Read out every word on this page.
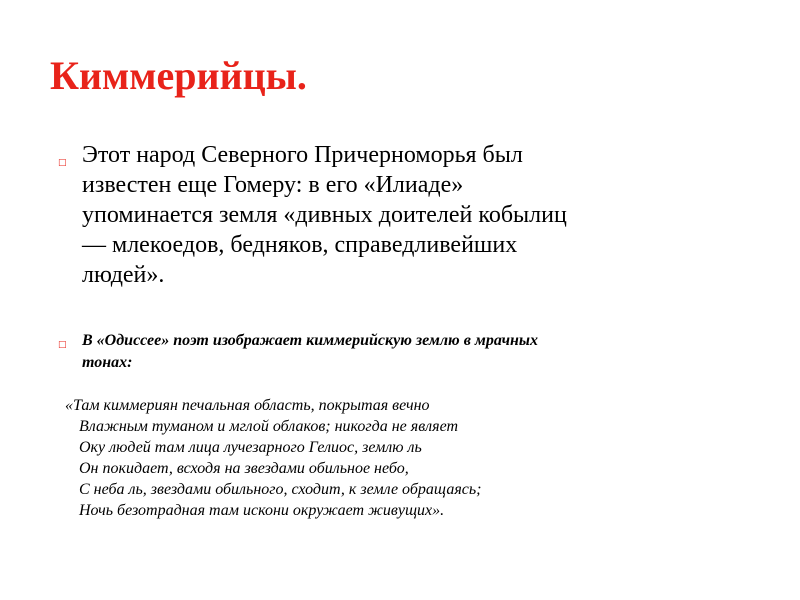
Киммерийцы.
□ Этот народ Северного Причерноморья был
известен еще Гомеру: в его «Илиаде»
упоминается земля «дивных доителей кобылиц
— млекоедов, бедняков, справедливейших
людей».
□ В «Одиссее» поэт изображает киммерийскую землю в мрачных
тонах:
«Там киммериян печальная область, покрытая вечно
Влажным туманом и мглой облаков; никогда не являет
Оку людей там лица лучезарного Гелиос, землю ль
Он покидает, всходя на звездами обильное небо,
С неба ль, звездами обильного, сходит, к земле обращаясь;
Ночь безотрадная там искони окружает живущих».
